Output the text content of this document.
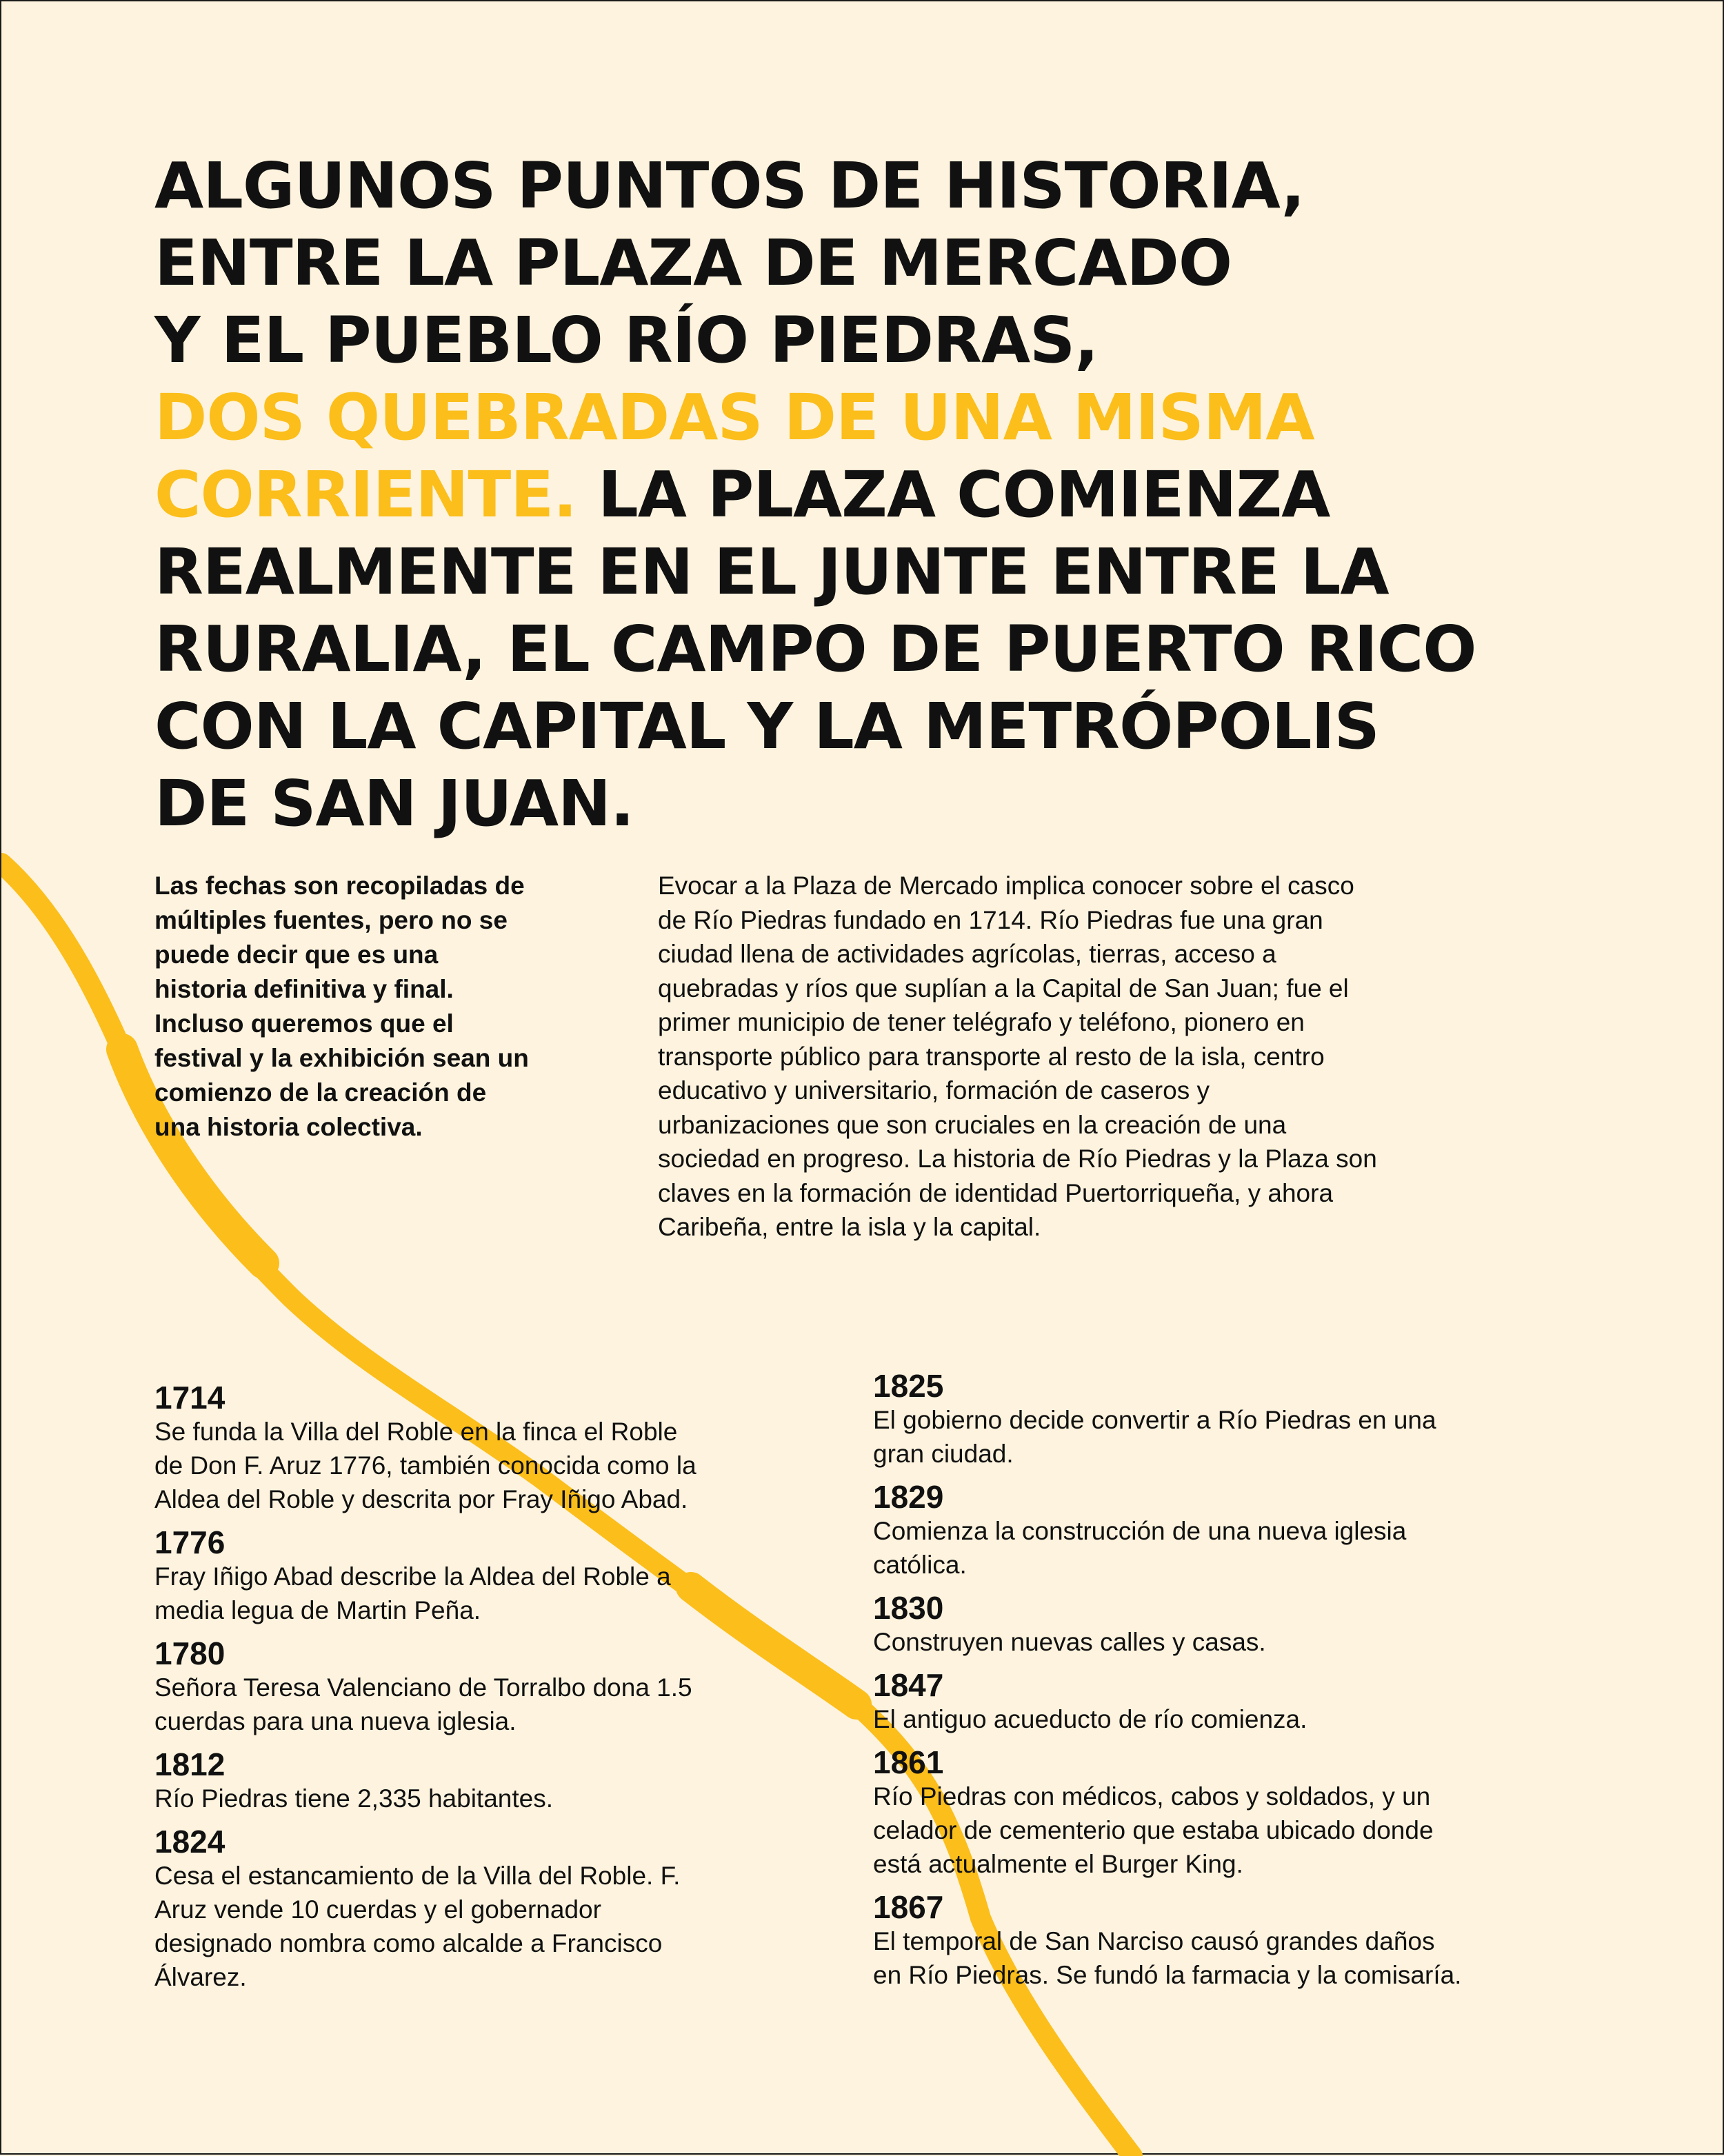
ALGUNOS PUNTOS DE HISTORIA,
ENTRE LA PLAZA DE MERCADO
Y EL PUEBLO RÍO PIEDRAS,
DOS QUEBRADAS DE UNA MISMA
CORRIENTE. LA PLAZA COMIENZA
REALMENTE EN EL JUNTE ENTRE LA
RURALIA, EL CAMPO DE PUERTO RICO
CON LA CAPITAL Y LA METRÓPOLIS
DE SAN JUAN.

Las fechas son recopiladas de
múltiples fuentes, pero no se
puede decir que es una
historia definitiva y final.
Incluso queremos que el
festival y la exhibición sean un
comienzo de la creación de
una historia colectiva.

Evocar a la Plaza de Mercado implica conocer sobre el casco
de Río Piedras fundado en 1714. Río Piedras fue una gran
ciudad llena de actividades agrícolas, tierras, acceso a
quebradas y ríos que suplían a la Capital de San Juan; fue el
primer municipio de tener telégrafo y teléfono, pionero en
transporte público para transporte al resto de la isla, centro
educativo y universitario, formación de caseros y
urbanizaciones que son cruciales en la creación de una
sociedad en progreso. La historia de Río Piedras y la Plaza son
claves en la formación de identidad Puertorriqueña, y ahora
Caribeña, entre la isla y la capital.

1714
Se funda la Villa del Roble en la finca el Roble
de Don F. Aruz 1776, también conocida como la
Aldea del Roble y descrita por Fray Iñigo Abad.
1776
Fray Iñigo Abad describe la Aldea del Roble a
media legua de Martin Peña.
1780
Señora Teresa Valenciano de Torralbo dona 1.5
cuerdas para una nueva iglesia.
1812
Río Piedras tiene 2,335 habitantes.
1824
Cesa el estancamiento de la Villa del Roble. F.
Aruz vende 10 cuerdas y el gobernador
designado nombra como alcalde a Francisco
Álvarez.
1825
El gobierno decide convertir a Río Piedras en una
gran ciudad.
1829
Comienza la construcción de una nueva iglesia
católica.
1830
Construyen nuevas calles y casas.
1847
El antiguo acueducto de río comienza.
1861
Río Piedras con médicos, cabos y soldados, y un
celador de cementerio que estaba ubicado donde
está actualmente el Burger King.
1867
El temporal de San Narciso causó grandes daños
en Río Piedras. Se fundó la farmacia y la comisaría.
